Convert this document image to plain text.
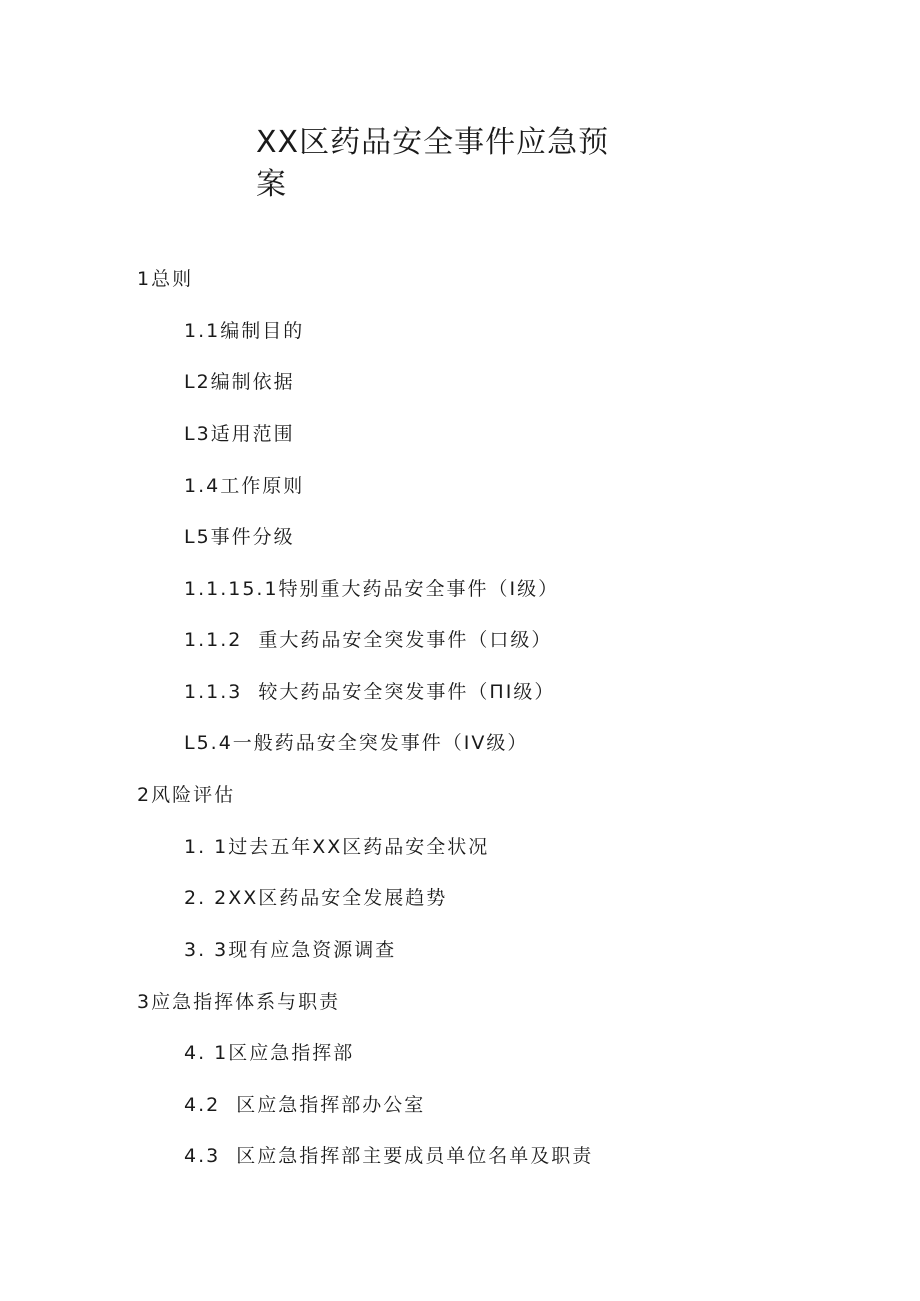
XX区药品安全事件应急预案
1总则
1.1编制目的
L2编制依据
L3适用范围
1.4工作原则
L5事件分级
1.1.15.1特别重大药品安全事件（I级）
1.1.2  重大药品安全突发事件（口级）
1.1.3  较大药品安全突发事件（ΠI级）
L5.4一般药品安全突发事件（IV级）
2风险评估
1. 1过去五年XX区药品安全状况
2. 2XX区药品安全发展趋势
3. 3现有应急资源调查
3应急指挥体系与职责
4. 1区应急指挥部
4.2  区应急指挥部办公室
4.3  区应急指挥部主要成员单位名单及职责
